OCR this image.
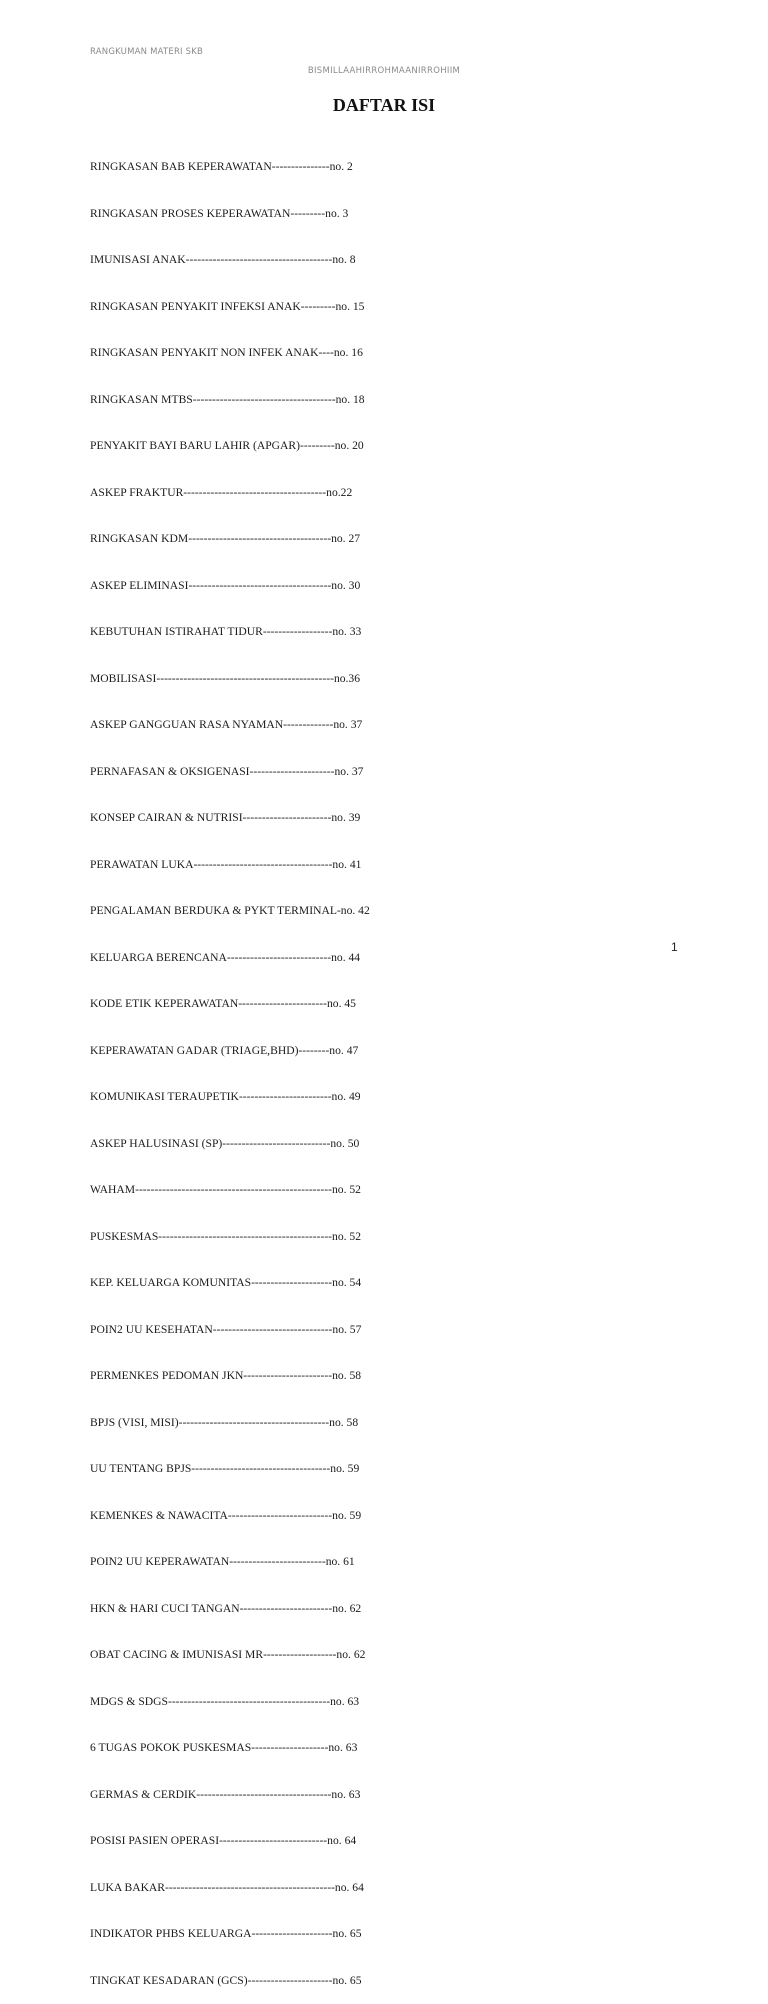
RANGKUMAN MATERI SKB
BISMILLAAHIRROHMAANIRROHIIM
DAFTAR ISI

RINGKASAN BAB KEPERAWATAN---------------no. 2

RINGKASAN PROSES KEPERAWATAN---------no. 3

IMUNISASI ANAK--------------------------------------no. 8

RINGKASAN PENYAKIT INFEKSI ANAK---------no. 15

RINGKASAN PENYAKIT NON INFEK ANAK----no. 16

RINGKASAN MTBS-------------------------------------no. 18

PENYAKIT BAYI BARU LAHIR (APGAR)---------no. 20

ASKEP FRAKTUR-------------------------------------no.22

RINGKASAN KDM-------------------------------------no. 27

ASKEP ELIMINASI-------------------------------------no. 30

KEBUTUHAN ISTIRAHAT TIDUR------------------no. 33

MOBILISASI----------------------------------------------no.36

ASKEP GANGGUAN RASA NYAMAN-------------no. 37

PERNAFASAN & OKSIGENASI----------------------no. 37

KONSEP CAIRAN & NUTRISI-----------------------no. 39

PERAWATAN LUKA------------------------------------no. 41

PENGALAMAN BERDUKA & PYKT TERMINAL-no. 42

KELUARGA BERENCANA---------------------------no. 44

KODE ETIK KEPERAWATAN-----------------------no. 45

KEPERAWATAN GADAR (TRIAGE,BHD)--------no. 47

KOMUNIKASI TERAUPETIK------------------------no. 49

ASKEP HALUSINASI (SP)----------------------------no. 50

WAHAM---------------------------------------------------no. 52

PUSKESMAS---------------------------------------------no. 52

KEP. KELUARGA KOMUNITAS---------------------no. 54

POIN2 UU KESEHATAN-------------------------------no. 57

PERMENKES PEDOMAN JKN-----------------------no. 58

BPJS (VISI, MISI)---------------------------------------no. 58

UU TENTANG BPJS------------------------------------no. 59

KEMENKES & NAWACITA---------------------------no. 59

POIN2 UU KEPERAWATAN-------------------------no. 61

HKN & HARI CUCI TANGAN------------------------no. 62

OBAT CACING & IMUNISASI MR-------------------no. 62

MDGS & SDGS------------------------------------------no. 63

6 TUGAS POKOK PUSKESMAS--------------------no. 63

GERMAS & CERDIK-----------------------------------no. 63

POSISI PASIEN OPERASI----------------------------no. 64

LUKA BAKAR--------------------------------------------no. 64

INDIKATOR PHBS KELUARGA---------------------no. 65

TINGKAT KESADARAN (GCS)----------------------no. 65

1
